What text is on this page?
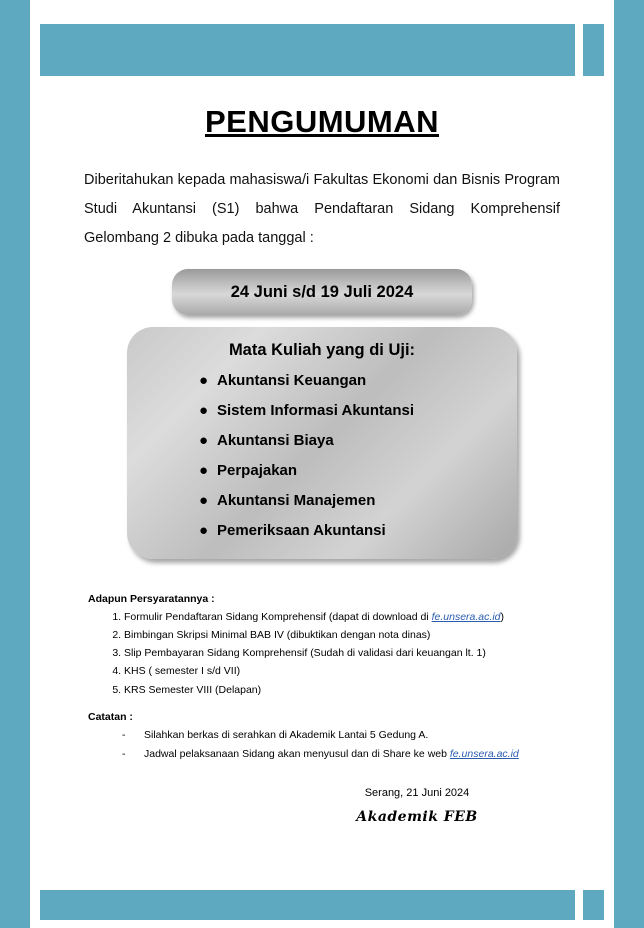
PENGUMUMAN

Diberitahukan kepada mahasiswa/i Fakultas Ekonomi dan Bisnis Program Studi Akuntansi (S1) bahwa Pendaftaran Sidang Komprehensif Gelombang 2 dibuka pada tanggal :

24 Juni s/d 19 Juli 2024
Mata Kuliah yang di Uji:
● Akuntansi Keuangan
● Sistem Informasi Akuntansi
● Akuntansi Biaya
● Perpajakan
● Akuntansi Manajemen
● Pemeriksaan Akuntansi
Adapun Persyaratannya :
1. Formulir Pendaftaran Sidang Komprehensif (dapat di download di fe.unsera.ac.id)
2. Bimbingan Skripsi Minimal BAB IV (dibuktikan dengan nota dinas)
3. Slip Pembayaran Sidang Komprehensif (Sudah di validasi dari keuangan lt. 1)
4. KHS ( semester I s/d VII)
5. KRS Semester VIII (Delapan)
Catatan :
- Silahkan berkas di serahkan di Akademik Lantai 5 Gedung A.
- Jadwal pelaksanaan Sidang akan menyusul dan di Share ke web fe.unsera.ac.id
Serang, 21 Juni 2024
Akademik FEB
